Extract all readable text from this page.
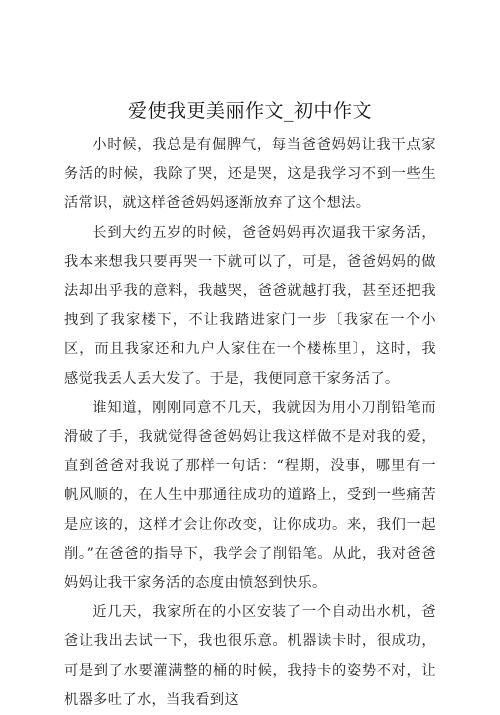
爱使我更美丽作文_初中作文

小时候，我总是有倔脾气，每当爸爸妈妈让我干点家务活的时候，我除了哭，还是哭，这是我学习不到一些生活常识，就这样爸爸妈妈逐渐放弃了这个想法。

长到大约五岁的时候，爸爸妈妈再次逼我干家务活，我本来想我只要再哭一下就可以了，可是，爸爸妈妈的做法却出乎我的意料，我越哭，爸爸就越打我，甚至还把我拽到了我家楼下，不让我踏进家门一步〔我家在一个小区，而且我家还和九户人家住在一个楼栋里〕，这时，我感觉我丢人丢大发了。于是，我便同意干家务活了。

谁知道，刚刚同意不几天，我就因为用小刀削铅笔而滑破了手，我就觉得爸爸妈妈让我这样做不是对我的爱，直到爸爸对我说了那样一句话：“程期，没事，哪里有一帆风顺的，在人生中那通往成功的道路上，受到一些痛苦是应该的，这样才会让你改变，让你成功。来，我们一起削。”在爸爸的指导下，我学会了削铅笔。从此，我对爸爸妈妈让我干家务活的态度由愤怒到快乐。

近几天，我家所在的小区安装了一个自动出水机，爸爸让我出去试一下，我也很乐意。机器读卡时，很成功，可是到了水要灌满整的桶的时候，我持卡的姿势不对，让机器多吐了水，当我看到这
